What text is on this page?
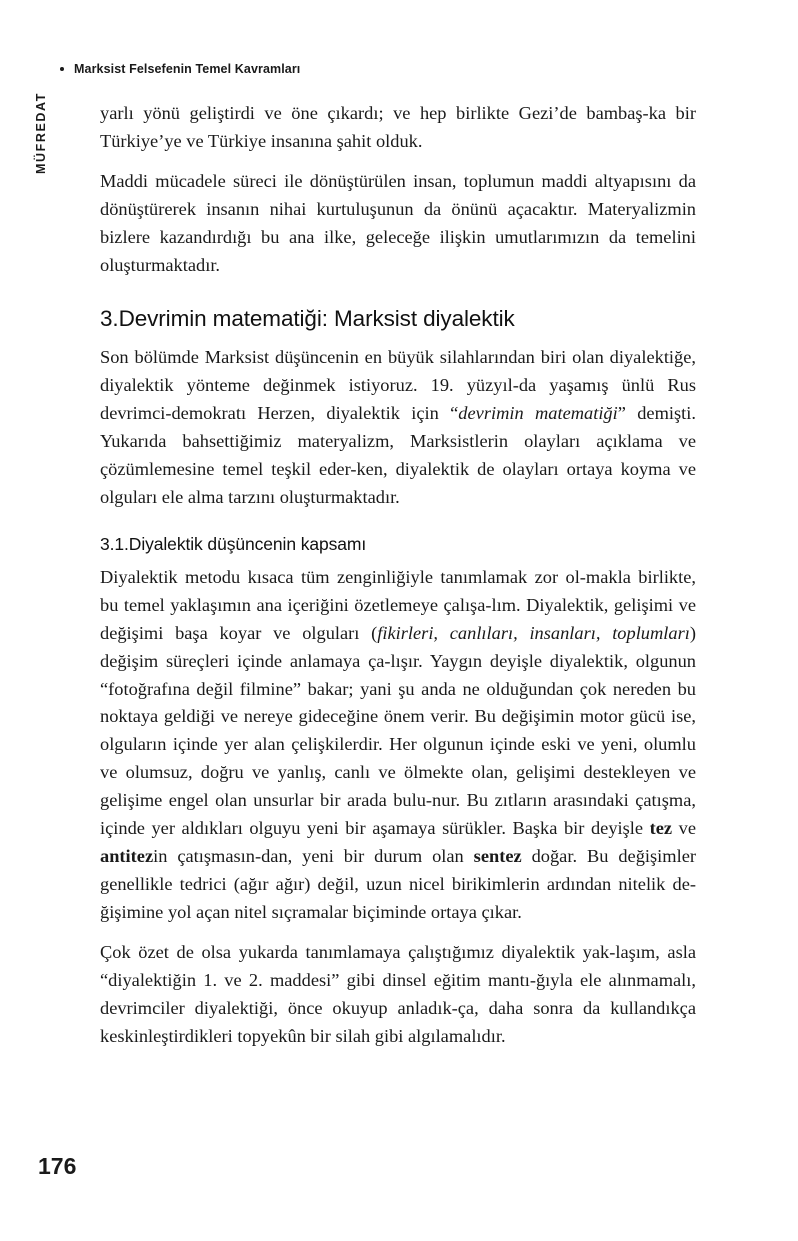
MÜFREDAT
Marksist Felsefenin Temel Kavramları

yarlı yönü geliştirdi ve öne çıkardı; ve hep birlikte Gezi’de bambaş-ka bir Türkiye’ye ve Türkiye insanına şahit olduk.

Maddi mücadele süreci ile dönüştürülen insan, toplumun maddi altyapısını da dönüştürerek insanın nihai kurtuluşunun da önünü açacaktır. Materyalizmin bizlere kazandırdığı bu ana ilke, geleceğe ilişkin umutlarımızın da temelini oluşturmaktadır.

3.Devrimin matematiği: Marksist diyalektik

Son bölümde Marksist düşüncenin en büyük silahlarından biri olan diyalektiğe, diyalektik yönteme değinmek istiyoruz. 19. yüzyıl-da yaşamış ünlü Rus devrimci-demokratı Herzen, diyalektik için “devrimin matematiği” demişti. Yukarıda bahsettiğimiz materyalizm, Marksistlerin olayları açıklama ve çözümlemesine temel teşkil eder-ken, diyalektik de olayları ortaya koyma ve olguları ele alma tarzını oluşturmaktadır.

3.1.Diyalektik düşüncenin kapsamı

Diyalektik metodu kısaca tüm zenginliğiyle tanımlamak zor ol-makla birlikte, bu temel yaklaşımın ana içeriğini özetlemeye çalışa-lım. Diyalektik, gelişimi ve değişimi başa koyar ve olguları (fikirleri, canlıları, insanları, toplumları) değişim süreçleri içinde anlamaya ça-lışır. Yaygın deyişle diyalektik, olgunun “fotoğrafına değil filmine” bakar; yani şu anda ne olduğundan çok nereden bu noktaya geldiği ve nereye gideceğine önem verir. Bu değişimin motor gücü ise, olguların içinde yer alan çelişkilerdir. Her olgunun içinde eski ve yeni, olumlu ve olumsuz, doğru ve yanlış, canlı ve ölmekte olan, gelişimi destekleyen ve gelişime engel olan unsurlar bir arada bulu-nur. Bu zıtların arasındaki çatışma, içinde yer aldıkları olguyu yeni bir aşamaya sürükler. Başka bir deyişle tez ve antitezin çatışmasın-dan, yeni bir durum olan sentez doğar. Bu değişimler genellikle tedrici (ağır ağır) değil, uzun nicel birikimlerin ardından nitelik de-ğişimine yol açan nitel sıçramalar biçiminde ortaya çıkar.

Çok özet de olsa yukarda tanımlamaya çalıştığımız diyalektik yak-laşım, asla “diyalektiğin 1. ve 2. maddesi” gibi dinsel eğitim mantı-ğıyla ele alınmamalı, devrimciler diyalektiği, önce okuyup anladık-ça, daha sonra da kullandıkça keskinleştirdikleri topyekûn bir silah gibi algılamalıdır.

176
